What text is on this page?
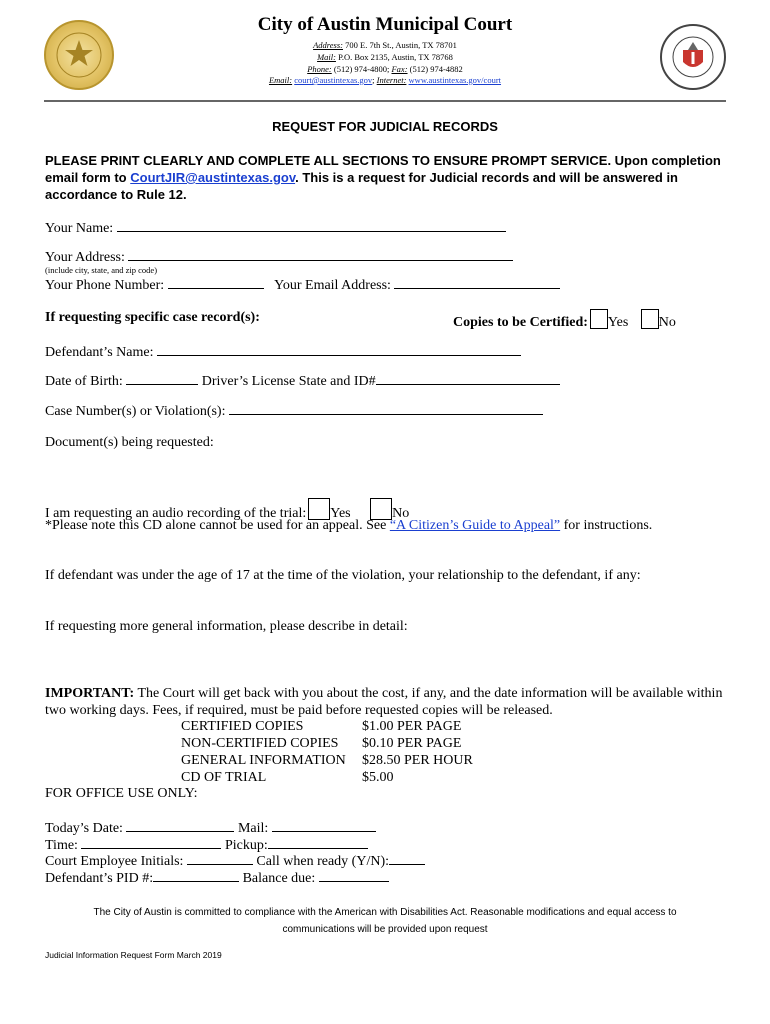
City of Austin Municipal Court
Address: 700 E. 7th St., Austin, TX 78701
Mail: P.O. Box 2135, Austin, TX 78768
Phone: (512) 974-4800; Fax: (512) 974-4882
Email: court@austintexas.gov; Internet: www.austintexas.gov/court
REQUEST FOR JUDICIAL RECORDS
PLEASE PRINT CLEARLY AND COMPLETE ALL SECTIONS TO ENSURE PROMPT SERVICE. Upon completion email form to CourtJIR@austintexas.gov. This is a request for Judicial records and will be answered in accordance to Rule 12.
Your Name:
Your Address:
(include city, state, and zip code)
Your Phone Number:	Your Email Address:
If requesting specific case record(s):	Copies to be Certified: Yes No
Defendant’s Name:
Date of Birth:	Driver’s License State and ID#
Case Number(s) or Violation(s):
Document(s) being requested:
I am requesting an audio recording of the trial: Yes	No
*Please note this CD alone cannot be used for an appeal. See “A Citizen’s Guide to Appeal” for instructions.
If defendant was under the age of 17 at the time of the violation, your relationship to the defendant, if any:
If requesting more general information, please describe in detail:
IMPORTANT: The Court will get back with you about the cost, if any, and the date information will be available within two working days. Fees, if required, must be paid before requested copies will be released.
CERTIFIED COPIES	$1.00 PER PAGE
NON-CERTIFIED COPIES	$0.10 PER PAGE
GENERAL INFORMATION	$28.50 PER HOUR
CD OF TRIAL	$5.00
FOR OFFICE USE ONLY:
Today’s Date:	Mail:
Time:	Pickup:
Court Employee Initials:	Call when ready (Y/N):
Defendant’s PID #:	Balance due:
The City of Austin is committed to compliance with the American with Disabilities Act. Reasonable modifications and equal access to communications will be provided upon request
Judicial Information Request Form March 2019
